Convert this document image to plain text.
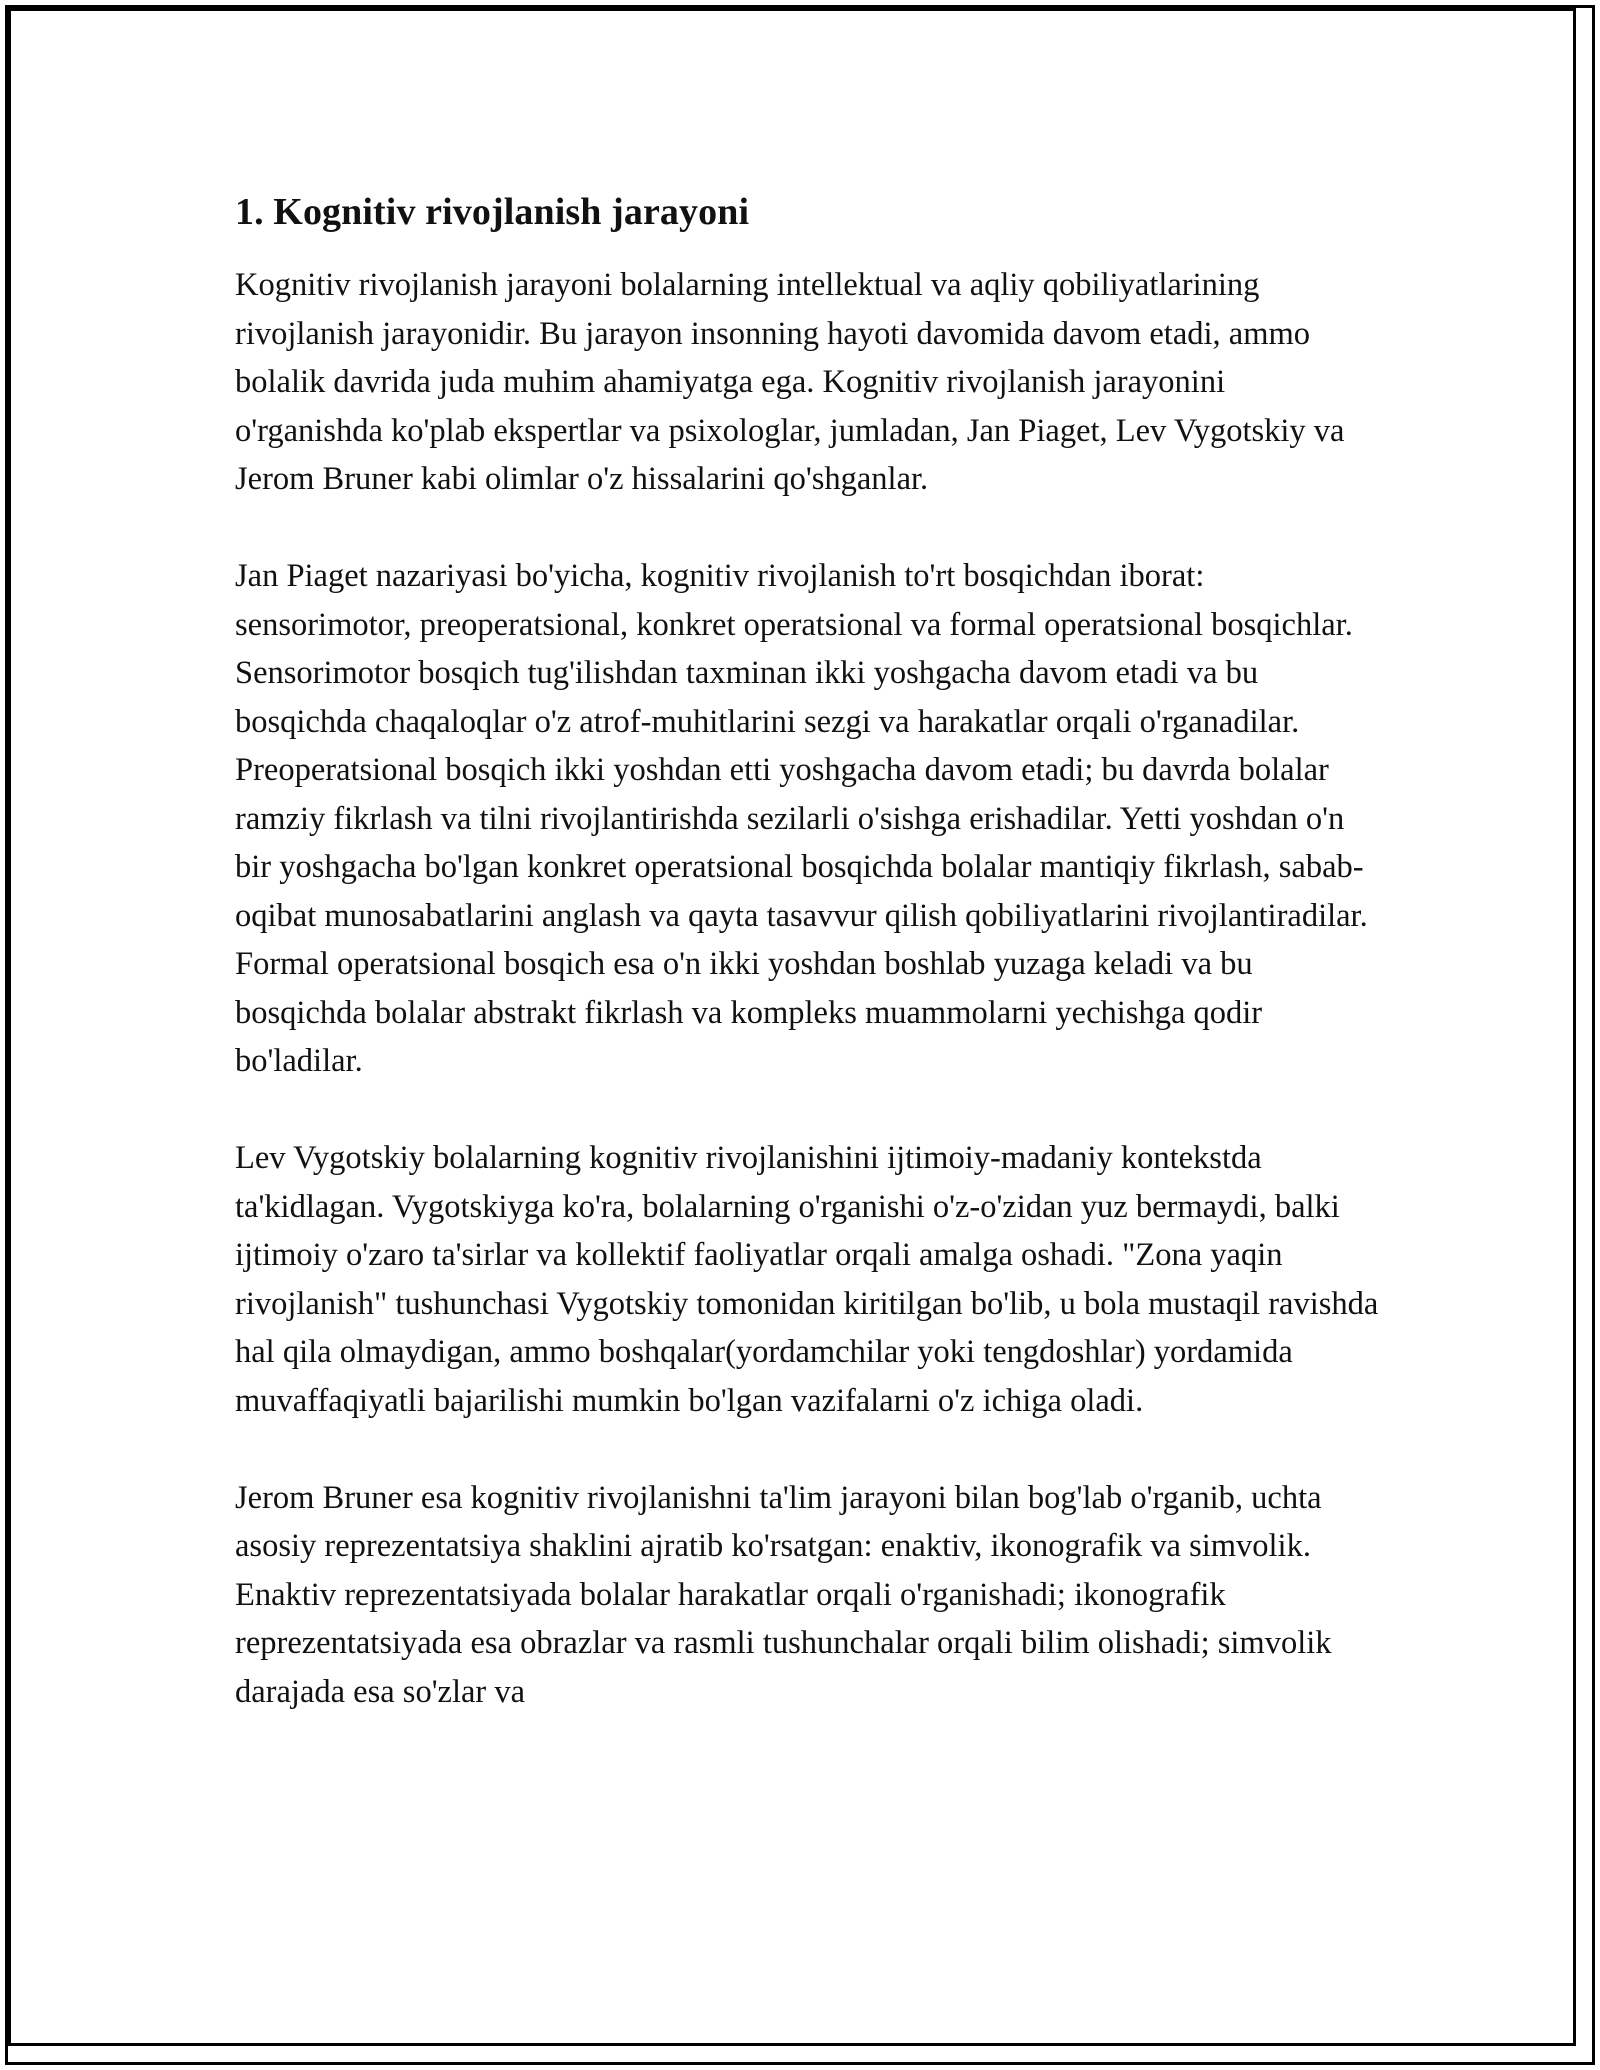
1. Kognitiv rivojlanish jarayoni

Kognitiv rivojlanish jarayoni bolalarning intellektual va aqliy qobiliyatlarining rivojlanish jarayonidir. Bu jarayon insonning hayoti davomida davom etadi, ammo bolalik davrida juda muhim ahamiyatga ega. Kognitiv rivojlanish jarayonini o'rganishda ko'plab ekspertlar va psixologlar, jumladan, Jan Piaget, Lev Vygotskiy va Jerom Bruner kabi olimlar o'z hissalarini qo'shganlar.

Jan Piaget nazariyasi bo'yicha, kognitiv rivojlanish to'rt bosqichdan iborat: sensorimotor, preoperatsional, konkret operatsional va formal operatsional bosqichlar. Sensorimotor bosqich tug'ilishdan taxminan ikki yoshgacha davom etadi va bu bosqichda chaqaloqlar o'z atrof-muhitlarini sezgi va harakatlar orqali o'rganadilar. Preoperatsional bosqich ikki yoshdan etti yoshgacha davom etadi; bu davrda bolalar ramziy fikrlash va tilni rivojlantirishda sezilarli o'sishga erishadilar. Yetti yoshdan o'n bir yoshgacha bo'lgan konkret operatsional bosqichda bolalar mantiqiy fikrlash, sabab-oqibat munosabatlarini anglash va qayta tasavvur qilish qobiliyatlarini rivojlantiradilar. Formal operatsional bosqich esa o'n ikki yoshdan boshlab yuzaga keladi va bu bosqichda bolalar abstrakt fikrlash va kompleks muammolarni yechishga qodir bo'ladilar.

Lev Vygotskiy bolalarning kognitiv rivojlanishini ijtimoiy-madaniy kontekstda ta'kidlagan. Vygotskiyga ko'ra, bolalarning o'rganishi o'z-o'zidan yuz bermaydi, balki ijtimoiy o'zaro ta'sirlar va kollektif faoliyatlar orqali amalga oshadi. "Zona yaqin rivojlanish" tushunchasi Vygotskiy tomonidan kiritilgan bo'lib, u bola mustaqil ravishda hal qila olmaydigan, ammo boshqalar(yordamchilar yoki tengdoshlar) yordamida muvaffaqiyatli bajarilishi mumkin bo'lgan vazifalarni o'z ichiga oladi.

Jerom Bruner esa kognitiv rivojlanishni ta'lim jarayoni bilan bog'lab o'rganib, uchta asosiy reprezentatsiya shaklini ajratib ko'rsatgan: enaktiv, ikonografik va simvolik. Enaktiv reprezentatsiyada bolalar harakatlar orqali o'rganishadi; ikonografik reprezentatsiyada esa obrazlar va rasmli tushunchalar orqali bilim olishadi; simvolik darajada esa so'zlar va
